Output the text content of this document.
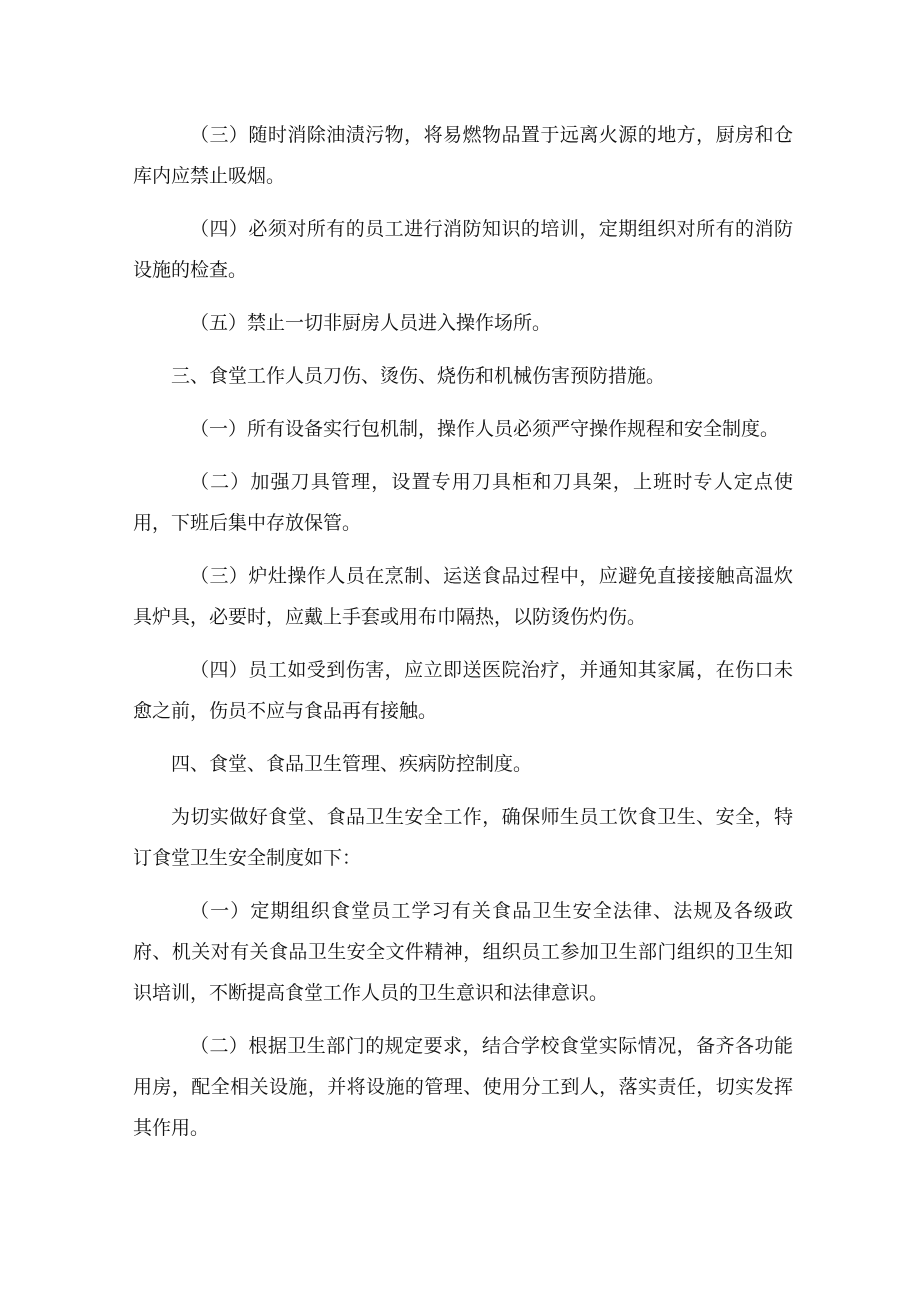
（三）随时消除油渍污物，将易燃物品置于远离火源的地方，厨房和仓库内应禁止吸烟。

（四）必须对所有的员工进行消防知识的培训，定期组织对所有的消防设施的检查。

（五）禁止一切非厨房人员进入操作场所。

三、食堂工作人员刀伤、烫伤、烧伤和机械伤害预防措施。

（一）所有设备实行包机制，操作人员必须严守操作规程和安全制度。

（二）加强刀具管理，设置专用刀具柜和刀具架，上班时专人定点使用，下班后集中存放保管。

（三）炉灶操作人员在烹制、运送食品过程中，应避免直接接触高温炊具炉具，必要时，应戴上手套或用布巾隔热，以防烫伤灼伤。

（四）员工如受到伤害，应立即送医院治疗，并通知其家属，在伤口未愈之前，伤员不应与食品再有接触。

四、食堂、食品卫生管理、疾病防控制度。

为切实做好食堂、食品卫生安全工作，确保师生员工饮食卫生、安全，特订食堂卫生安全制度如下：

（一）定期组织食堂员工学习有关食品卫生安全法律、法规及各级政府、机关对有关食品卫生安全文件精神，组织员工参加卫生部门组织的卫生知识培训，不断提高食堂工作人员的卫生意识和法律意识。

（二）根据卫生部门的规定要求，结合学校食堂实际情况，备齐各功能用房，配全相关设施，并将设施的管理、使用分工到人，落实责任，切实发挥其作用。
